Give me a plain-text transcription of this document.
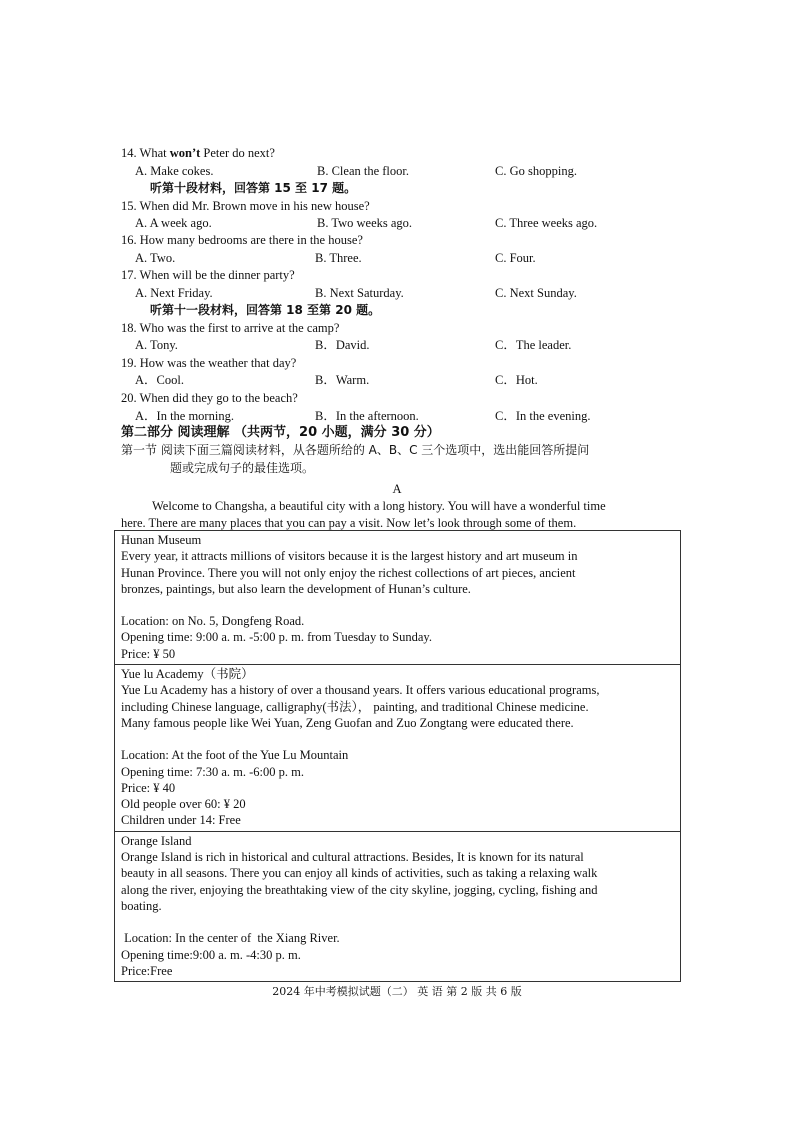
14. What won’t Peter do next?
A. Make cokes.	B. Clean the floor.	C. Go shopping.
听第十段材料，回答第 15 至 17 题。
15. When did Mr. Brown move in his new house?
A. A week ago.	B. Two weeks ago.	C. Three weeks ago.
16. How many bedrooms are there in the house?
A. Two.	B. Three.	C. Four.
17. When will be the dinner party?
A. Next Friday.	B. Next Saturday.	C. Next Sunday.
听第十一段材料，回答第 18 至第 20 题。
18. Who was the first to arrive at the camp?
A. Tony.	B．David.	C．The leader.
19. How was the weather that day?
A．Cool.	B．Warm.	C．Hot.
20. When did they go to the beach?
A．In the morning.	B．In the afternoon.	C．In the evening.
第二部分 阅读理解 （共两节，20 小题，满分 30 分）
第一节 阅读下面三篇阅读材料，从各题所给的 A、B、C 三个选项中，选出能回答所提问
题或完成句子的最佳选项。
A
Welcome to Changsha, a beautiful city with a long history. You will have a wonderful time
here. There are many places that you can pay a visit. Now let’s look through some of them.
Hunan Museum
Every year, it attracts millions of visitors because it is the largest history and art museum in
Hunan Province. There you will not only enjoy the richest collections of art pieces, ancient
bronzes, paintings, but also learn the development of Hunan’s culture.
Location: on No. 5, Dongfeng Road.
Opening time: 9:00 a. m. -5:00 p. m. from Tuesday to Sunday.
Price: ¥ 50

Yue lu Academy（书院）
Yue Lu Academy has a history of over a thousand years. It offers various educational programs,
including Chinese language, calligraphy(书法）， painting, and traditional Chinese medicine.
Many famous people like Wei Yuan, Zeng Guofan and Zuo Zongtang were educated there.
Location: At the foot of the Yue Lu Mountain
Opening time: 7:30 a. m. -6:00 p. m.
Price: ¥ 40
Old people over 60: ¥ 20
Children under 14: Free

Orange Island
Orange Island is rich in historical and cultural attractions. Besides, It is known for its natural
beauty in all seasons. There you can enjoy all kinds of activities, such as taking a relaxing walk
along the river, enjoying the breathtaking view of the city skyline, jogging, cycling, fishing and
boating.
Location: In the center of  the Xiang River.
Opening time:9:00 a. m. -4:30 p. m.
Price:Free
2024 年中考模拟试题（二） 英 语 第 2 版 共 6 版
